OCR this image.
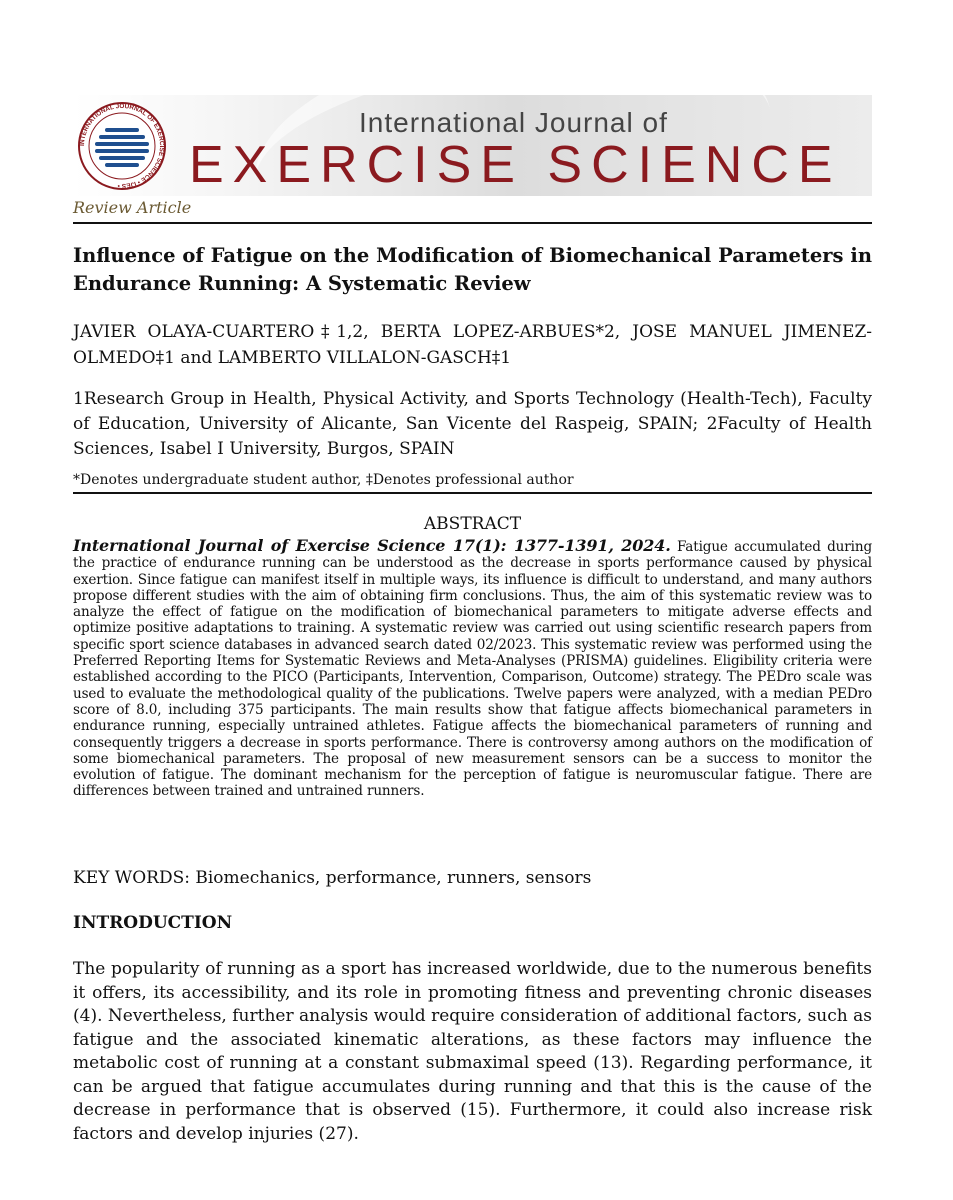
INTERNATIONAL JOURNAL OF EXERCISE SCIENCE • IJES •
International Journal of
EXERCISE SCIENCE
Review Article
Influence of Fatigue on the Modification of Biomechanical Parameters in Endurance Running: A Systematic Review
JAVIER OLAYA-CUARTERO‡1,2, BERTA LOPEZ-ARBUES*2, JOSE MANUEL JIMENEZ-OLMEDO‡1 and LAMBERTO VILLALON-GASCH‡1
1Research Group in Health, Physical Activity, and Sports Technology (Health-Tech), Faculty of Education, University of Alicante, San Vicente del Raspeig, SPAIN; 2Faculty of Health Sciences, Isabel I University, Burgos, SPAIN
*Denotes undergraduate student author, ‡Denotes professional author
ABSTRACT
International Journal of Exercise Science 17(1): 1377-1391, 2024. Fatigue accumulated during the practice of endurance running can be understood as the decrease in sports performance caused by physical exertion. Since fatigue can manifest itself in multiple ways, its influence is difficult to understand, and many authors propose different studies with the aim of obtaining firm conclusions. Thus, the aim of this systematic review was to analyze the effect of fatigue on the modification of biomechanical parameters to mitigate adverse effects and optimize positive adaptations to training. A systematic review was carried out using scientific research papers from specific sport science databases in advanced search dated 02/2023. This systematic review was performed using the Preferred Reporting Items for Systematic Reviews and Meta-Analyses (PRISMA) guidelines. Eligibility criteria were established according to the PICO (Participants, Intervention, Comparison, Outcome) strategy. The PEDro scale was used to evaluate the methodological quality of the publications. Twelve papers were analyzed, with a median PEDro score of 8.0, including 375 participants. The main results show that fatigue affects biomechanical parameters in endurance running, especially untrained athletes. Fatigue affects the biomechanical parameters of running and consequently triggers a decrease in sports performance. There is controversy among authors on the modification of some biomechanical parameters. The proposal of new measurement sensors can be a success to monitor the evolution of fatigue. The dominant mechanism for the perception of fatigue is neuromuscular fatigue. There are differences between trained and untrained runners.
KEY WORDS: Biomechanics, performance, runners, sensors
INTRODUCTION
The popularity of running as a sport has increased worldwide, due to the numerous benefits it offers, its accessibility, and its role in promoting fitness and preventing chronic diseases (4). Nevertheless, further analysis would require consideration of additional factors, such as fatigue and the associated kinematic alterations, as these factors may influence the metabolic cost of running at a constant submaximal speed (13). Regarding performance, it can be argued that fatigue accumulates during running and that this is the cause of the decrease in performance that is observed (15). Furthermore, it could also increase risk factors and develop injuries (27).
